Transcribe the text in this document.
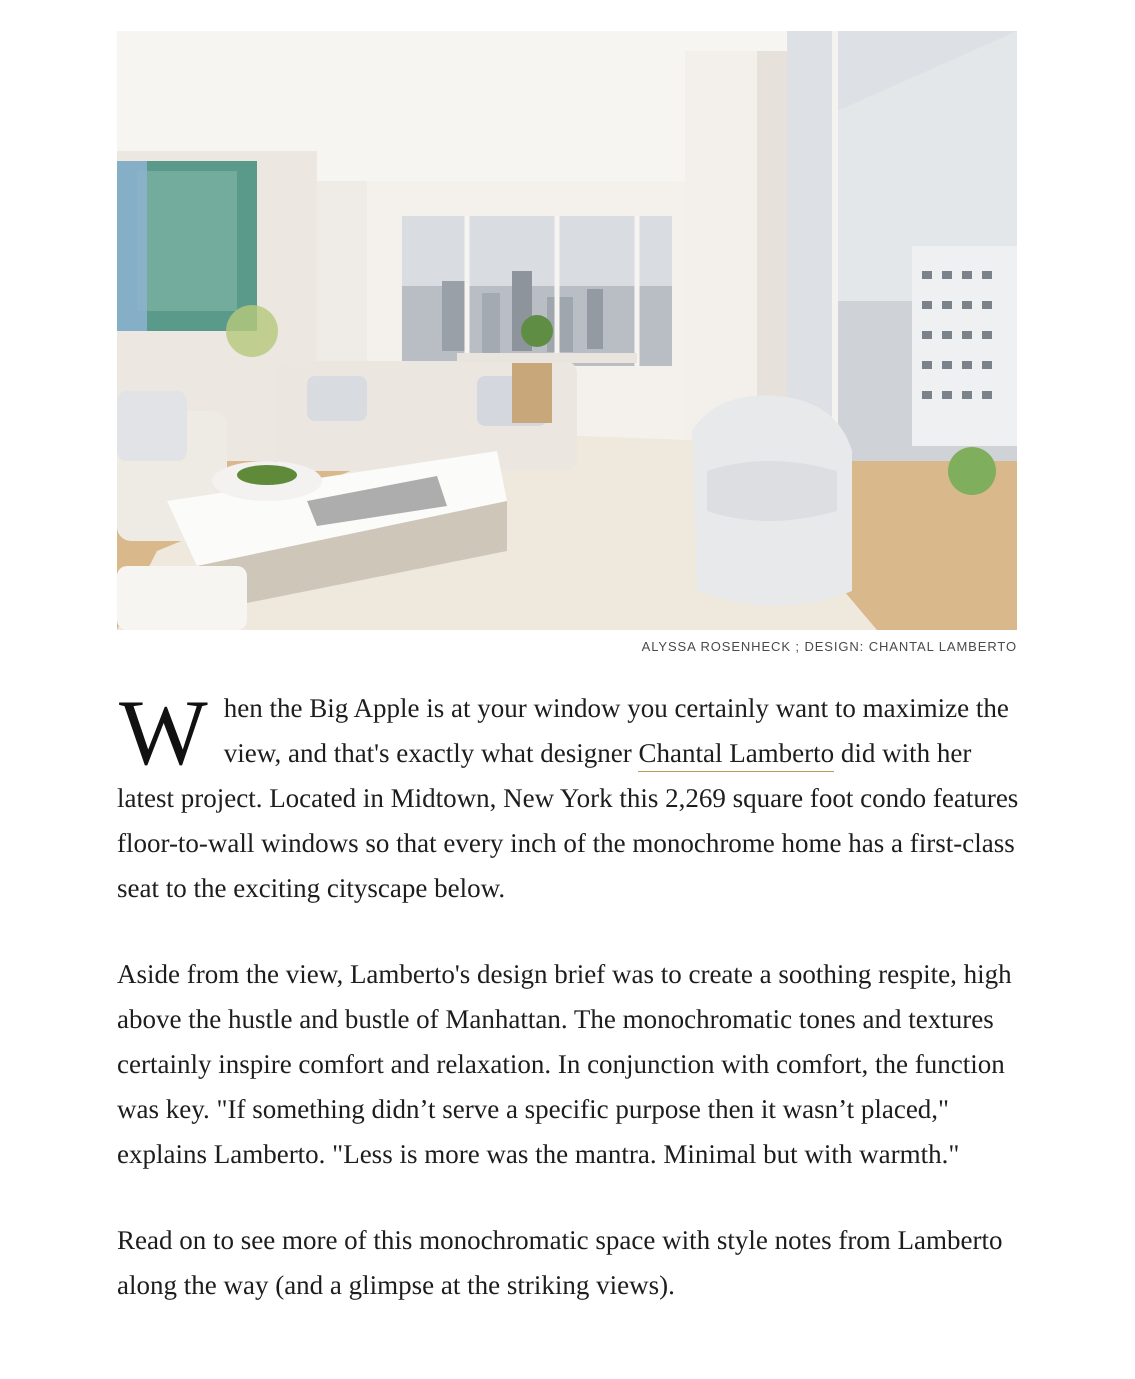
ALYSSA ROSENHECK ; DESIGN: CHANTAL LAMBERTO

When the Big Apple is at your window you certainly want to maximize the view, and that's exactly what designer Chantal Lamberto did with her latest project. Located in Midtown, New York this 2,269 square foot condo features floor-to-wall windows so that every inch of the monochrome home has a first-class seat to the exciting cityscape below.

Aside from the view, Lamberto's design brief was to create a soothing respite, high above the hustle and bustle of Manhattan. The monochromatic tones and textures certainly inspire comfort and relaxation. In conjunction with comfort, the function was key. "If something didn’t serve a specific purpose then it wasn’t placed," explains Lamberto. "Less is more was the mantra. Minimal but with warmth."

Read on to see more of this monochromatic space with style notes from Lamberto along the way (and a glimpse at the striking views).
